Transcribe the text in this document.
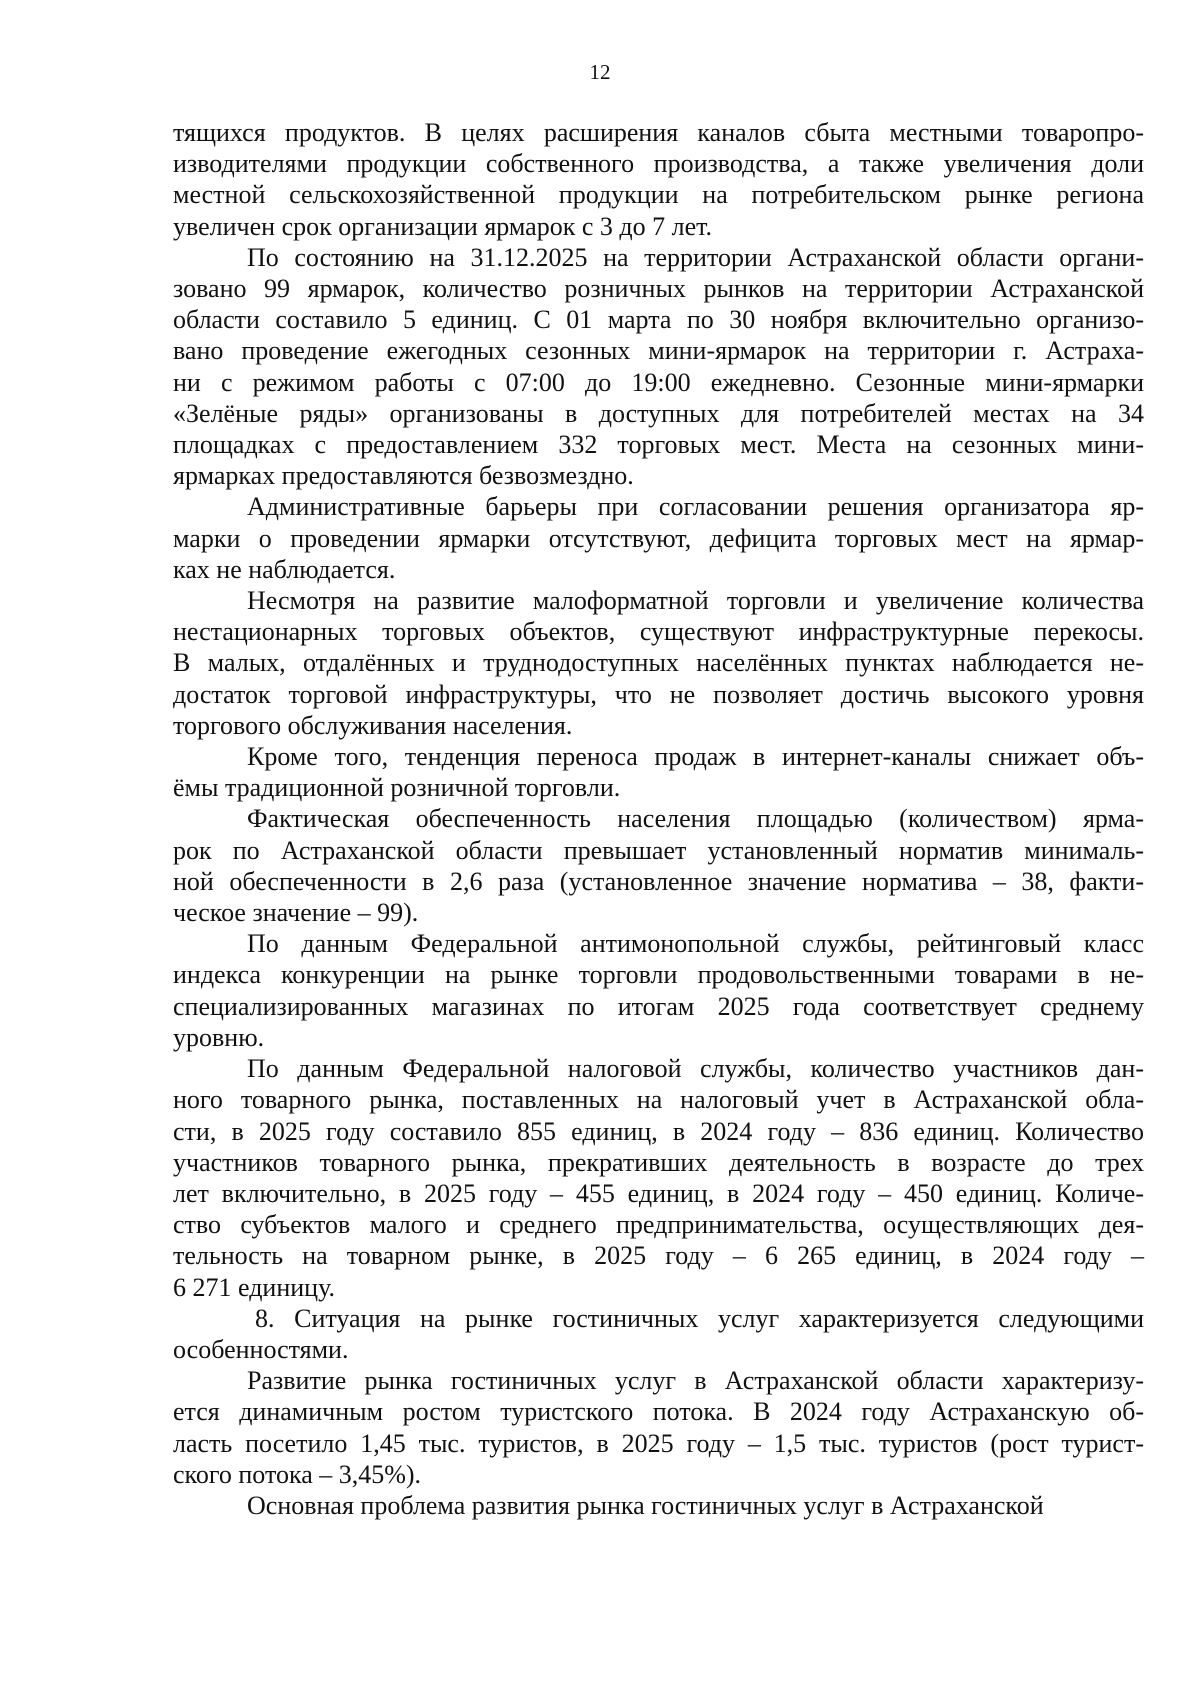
12
тящихся продуктов. В целях расширения каналов сбыта местными товаропро-
изводителями продукции собственного производства, а также увеличения доли
местной сельскохозяйственной продукции на потребительском рынке региона
увеличен срок организации ярмарок с 3 до 7 лет.
По состоянию на 31.12.2025 на территории Астраханской области органи-
зовано 99 ярмарок, количество розничных рынков на территории Астраханской
области составило 5 единиц. С 01 марта по 30 ноября включительно организо-
вано проведение ежегодных сезонных мини-ярмарок на территории г. Астраха-
ни с режимом работы с 07:00 до 19:00 ежедневно. Сезонные мини-ярмарки
«Зелёные ряды» организованы в доступных для потребителей местах на 34
площадках с предоставлением 332 торговых мест. Места на сезонных мини-
ярмарках предоставляются безвозмездно.
Административные барьеры при согласовании решения организатора яр-
марки о проведении ярмарки отсутствуют, дефицита торговых мест на ярмар-
ках не наблюдается.
Несмотря на развитие малоформатной торговли и увеличение количества
нестационарных торговых объектов, существуют инфраструктурные перекосы.
В малых, отдалённых и труднодоступных населённых пунктах наблюдается не-
достаток торговой инфраструктуры, что не позволяет достичь высокого уровня
торгового обслуживания населения.
Кроме того, тенденция переноса продаж в интернет-каналы снижает объ-
ёмы традиционной розничной торговли.
Фактическая обеспеченность населения площадью (количеством) ярма-
рок по Астраханской области превышает установленный норматив минималь-
ной обеспеченности в 2,6 раза (установленное значение норматива – 38, факти-
ческое значение – 99).
По данным Федеральной антимонопольной службы, рейтинговый класс
индекса конкуренции на рынке торговли продовольственными товарами в не-
специализированных магазинах по итогам 2025 года соответствует среднему
уровню.
По данным Федеральной налоговой службы, количество участников дан-
ного товарного рынка, поставленных на налоговый учет в Астраханской обла-
сти, в 2025 году составило 855 единиц, в 2024 году – 836 единиц. Количество
участников товарного рынка, прекративших деятельность в возрасте до трех
лет включительно, в 2025 году – 455 единиц, в 2024 году – 450 единиц. Количе-
ство субъектов малого и среднего предпринимательства, осуществляющих дея-
тельность на товарном рынке, в 2025 году – 6 265 единиц, в 2024 году –
6 271 единицу.
8. Ситуация на рынке гостиничных услуг характеризуется следующими
особенностями.
Развитие рынка гостиничных услуг в Астраханской области характеризу-
ется динамичным ростом туристского потока. В 2024 году Астраханскую об-
ласть посетило 1,45 тыс. туристов, в 2025 году – 1,5 тыс. туристов (рост турист-
ского потока – 3,45%).
Основная проблема развития рынка гостиничных услуг в Астраханской
